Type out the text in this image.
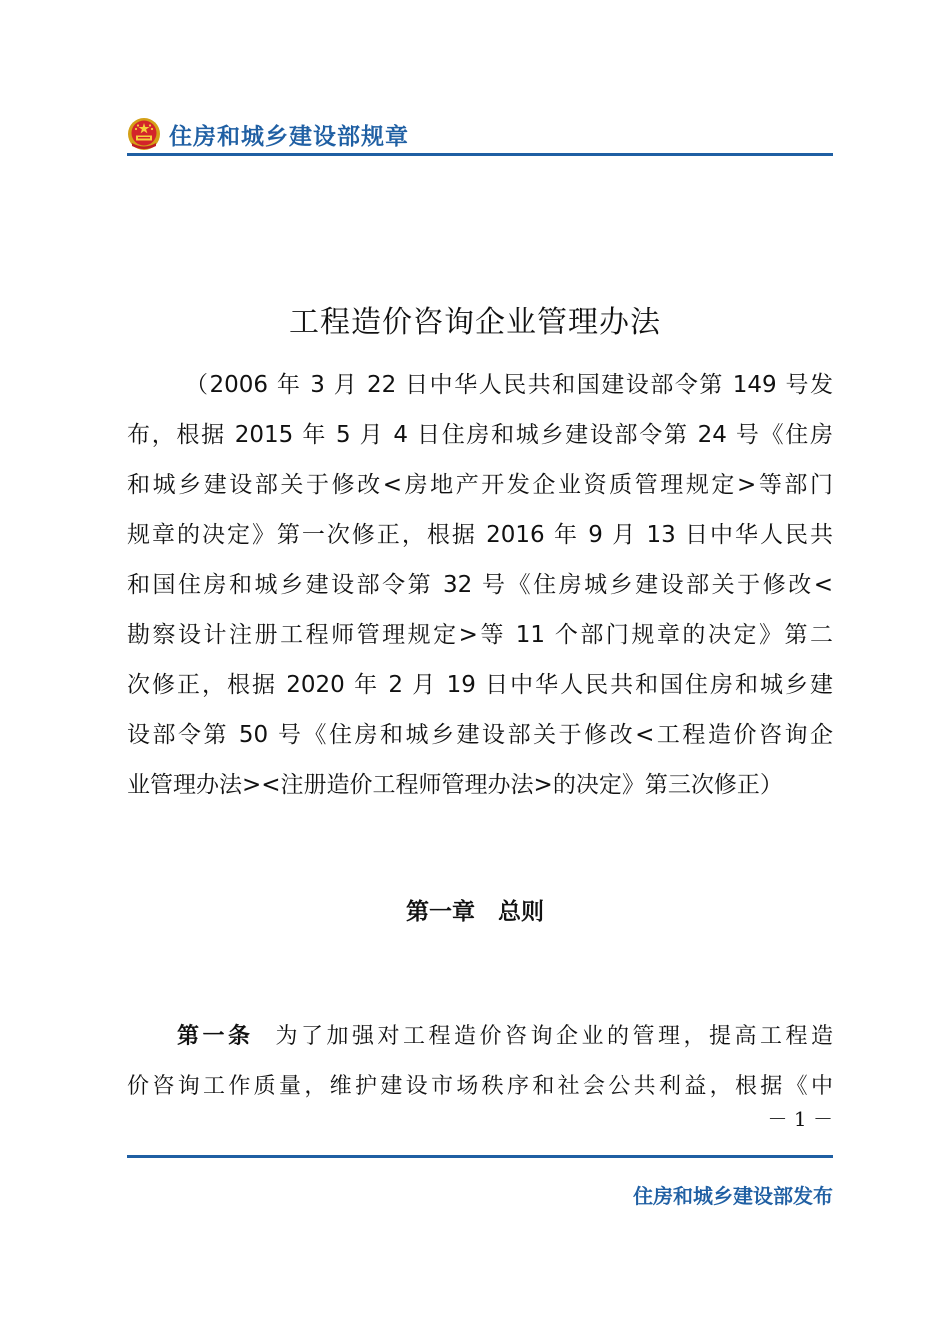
住房和城乡建设部规章
工程造价咨询企业管理办法
（2006 年 3 月 22 日中华人民共和国建设部令第 149 号发
布，根据 2015 年 5 月 4 日住房和城乡建设部令第 24 号《住房
和城乡建设部关于修改<房地产开发企业资质管理规定>等部门
规章的决定》第一次修正，根据 2016 年 9 月 13 日中华人民共
和国住房和城乡建设部令第 32 号《住房城乡建设部关于修改<
勘察设计注册工程师管理规定>等 11 个部门规章的决定》第二
次修正，根据 2020 年 2 月 19 日中华人民共和国住房和城乡建
设部令第 50 号《住房和城乡建设部关于修改<工程造价咨询企
业管理办法><注册造价工程师管理办法>的决定》第三次修正）
第一章　总则
第一条 为了加强对工程造价咨询企业的管理，提高工程造
价咨询工作质量，维护建设市场秩序和社会公共利益，根据《中
－ 1 －
住房和城乡建设部发布
